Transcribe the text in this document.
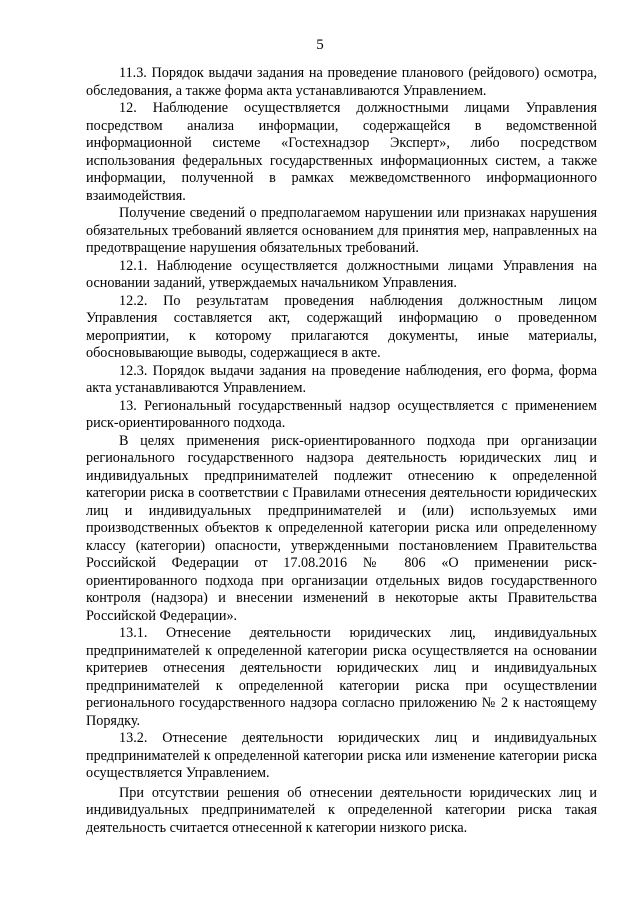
5

11.3. Порядок выдачи задания на проведение планового (рейдового) осмотра, обследования, а также форма акта устанавливаются Управлением.

12. Наблюдение осуществляется должностными лицами Управления посредством анализа информации, содержащейся в ведомственной информационной системе «Гостехнадзор Эксперт», либо посредством использования федеральных государственных информационных систем, а также информации, полученной в рамках межведомственного информационного взаимодействия.

Получение сведений о предполагаемом нарушении или признаках нарушения обязательных требований является основанием для принятия мер, направленных на предотвращение нарушения обязательных требований.

12.1. Наблюдение осуществляется должностными лицами Управления на основании заданий, утверждаемых начальником Управления.

12.2. По результатам проведения наблюдения должностным лицом Управления составляется акт, содержащий информацию о проведенном мероприятии, к которому прилагаются документы, иные материалы, обосновывающие выводы, содержащиеся в акте.

12.3. Порядок выдачи задания на проведение наблюдения, его форма, форма акта устанавливаются Управлением.

13. Региональный государственный надзор осуществляется с применением риск-ориентированного подхода.

В целях применения риск-ориентированного подхода при организации регионального государственного надзора деятельность юридических лиц и индивидуальных предпринимателей подлежит отнесению к определенной категории риска в соответствии с Правилами отнесения деятельности юридических лиц и индивидуальных предпринимателей и (или) используемых ими производственных объектов к определенной категории риска или определенному классу (категории) опасности, утвержденными постановлением Правительства Российской Федерации от 17.08.2016 № 806 «О применении риск-ориентированного подхода при организации отдельных видов государственного контроля (надзора) и внесении изменений в некоторые акты Правительства Российской Федерации».

13.1. Отнесение деятельности юридических лиц, индивидуальных предпринимателей к определенной категории риска осуществляется на основании критериев отнесения деятельности юридических лиц и индивидуальных предпринимателей к определенной категории риска при осуществлении регионального государственного надзора согласно приложению № 2 к настоящему Порядку.

13.2. Отнесение деятельности юридических лиц и индивидуальных предпринимателей к определенной категории риска или изменение категории риска осуществляется Управлением.

При отсутствии решения об отнесении деятельности юридических лиц и индивидуальных предпринимателей к определенной категории риска такая деятельность считается отнесенной к категории низкого риска.
